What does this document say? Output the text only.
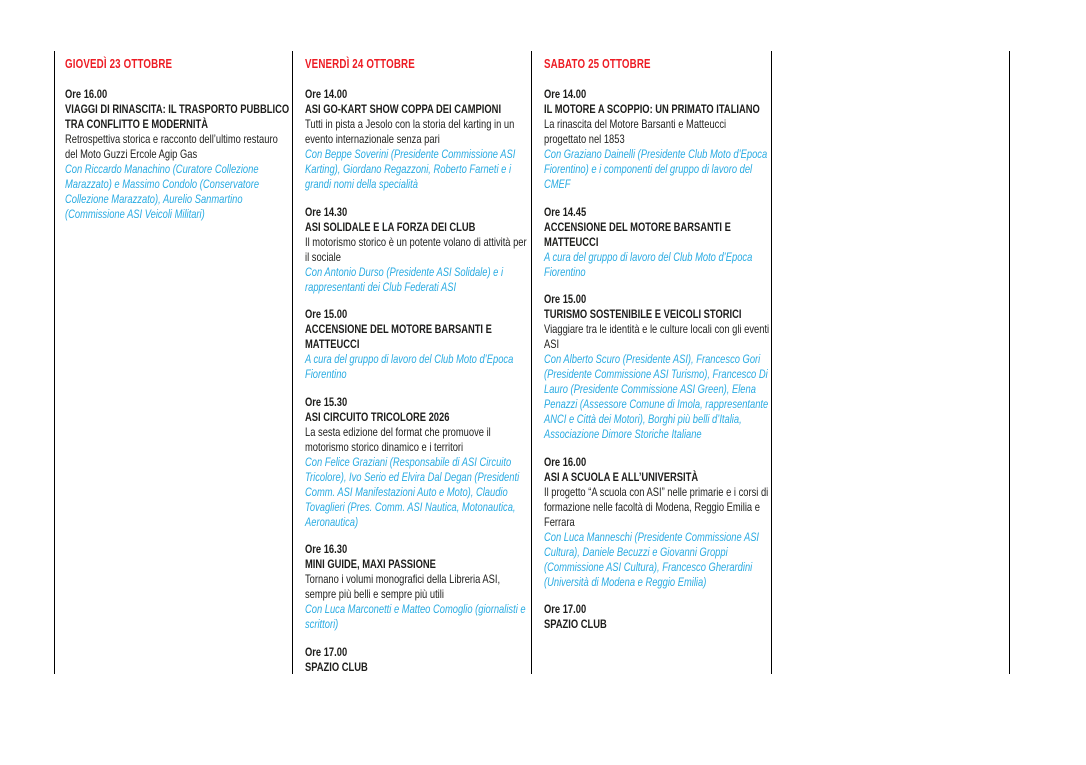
GIOVEDÌ 23 OTTOBRE
Ore 16.00
VIAGGI DI RINASCITA: IL TRASPORTO PUBBLICO TRA CONFLITTO E MODERNITÀ
Retrospettiva storica e racconto dell’ultimo restauro del Moto Guzzi Ercole Agip Gas
Con Riccardo Manachino (Curatore Collezione Marazzato) e Massimo Condolo (Conservatore Collezione Marazzato), Aurelio Sanmartino (Commissione ASI Veicoli Militari)
VENERDÌ 24 OTTOBRE
Ore 14.00
ASI GO-KART SHOW COPPA DEI CAMPIONI
Tutti in pista a Jesolo con la storia del karting in un evento internazionale senza pari
Con Beppe Soverini (Presidente Commissione ASI Karting), Giordano Regazzoni, Roberto Farneti e i grandi nomi della specialità
Ore 14.30
ASI SOLIDALE E LA FORZA DEI CLUB
Il motorismo storico è un potente volano di attività per il sociale
Con Antonio Durso (Presidente ASI Solidale) e i rappresentanti dei Club Federati ASI
Ore 15.00
ACCENSIONE DEL MOTORE BARSANTI E MATTEUCCI
A cura del gruppo di lavoro del Club Moto d’Epoca Fiorentino
Ore 15.30
ASI CIRCUITO TRICOLORE 2026
La sesta edizione del format che promuove il motorismo storico dinamico e i territori
Con Felice Graziani (Responsabile di ASI Circuito Tricolore), Ivo Serio ed Elvira Dal Degan (Presidenti Comm. ASI Manifestazioni Auto e Moto), Claudio Tovaglieri (Pres. Comm. ASI Nautica, Motonautica, Aeronautica)
Ore 16.30
MINI GUIDE, MAXI PASSIONE
Tornano i volumi monografici della Libreria ASI, sempre più belli e sempre più utili
Con Luca Marconetti e Matteo Comoglio (giornalisti e scrittori)
Ore 17.00
SPAZIO CLUB
SABATO 25 OTTOBRE
Ore 14.00
IL MOTORE A SCOPPIO: UN PRIMATO ITALIANO
La rinascita del Motore Barsanti e Matteucci progettato nel 1853
Con Graziano Dainelli (Presidente Club Moto d’Epoca Fiorentino) e i componenti del gruppo di lavoro del CMEF
Ore 14.45
ACCENSIONE DEL MOTORE BARSANTI E MATTEUCCI
A cura del gruppo di lavoro del Club Moto d’Epoca Fiorentino
Ore 15.00
TURISMO SOSTENIBILE E VEICOLI STORICI
Viaggiare tra le identità e le culture locali con gli eventi ASI
Con Alberto Scuro (Presidente ASI), Francesco Gori (Presidente Commissione ASI Turismo), Francesco Di Lauro (Presidente Commissione ASI Green), Elena Penazzi (Assessore Comune di Imola, rappresentante ANCI e Città dei Motori), Borghi più belli d’Italia, Associazione Dimore Storiche Italiane
Ore 16.00
ASI A SCUOLA E ALL’UNIVERSITÀ
Il progetto “A scuola con ASI” nelle primarie e i corsi di formazione nelle facoltà di Modena, Reggio Emilia e Ferrara
Con Luca Manneschi (Presidente Commissione ASI Cultura), Daniele Becuzzi e Giovanni Groppi (Commissione ASI Cultura), Francesco Gherardini (Università di Modena e Reggio Emilia)
Ore 17.00
SPAZIO CLUB
